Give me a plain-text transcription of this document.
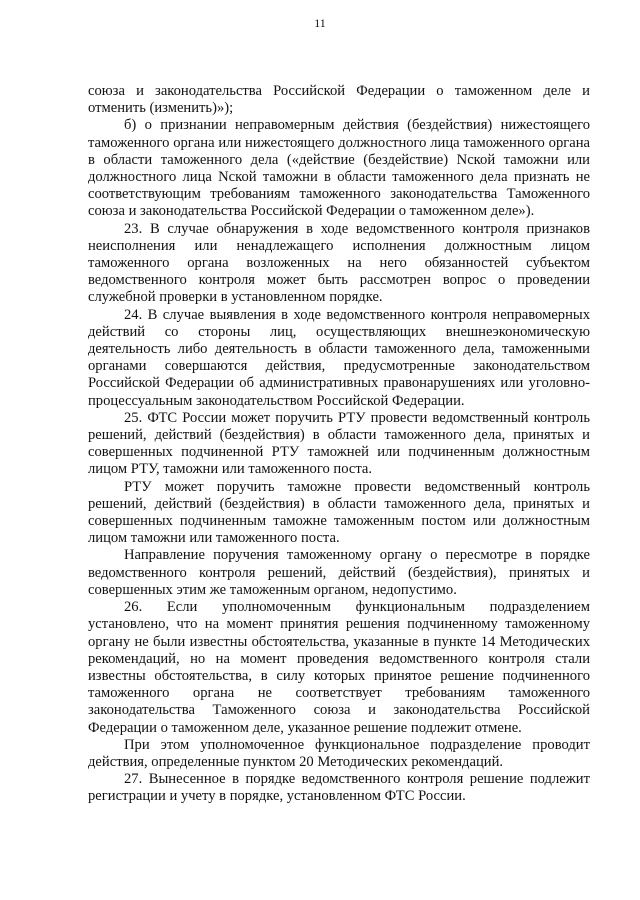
11

союза и законодательства Российской Федерации о таможенном деле и отменить (изменить)»);

б) о признании неправомерным действия (бездействия) нижестоящего таможенного органа или нижестоящего должностного лица таможенного органа в области таможенного дела («действие (бездействие) Nской таможни или должностного лица Nской таможни в области таможенного дела признать не соответствующим требованиям таможенного законодательства Таможенного союза и законодательства Российской Федерации о таможенном деле»).

23. В случае обнаружения в ходе ведомственного контроля признаков неисполнения или ненадлежащего исполнения должностным лицом таможенного органа возложенных на него обязанностей субъектом ведомственного контроля может быть рассмотрен вопрос о проведении служебной проверки в установленном порядке.

24. В случае выявления в ходе ведомственного контроля неправомерных действий со стороны лиц, осуществляющих внешнеэкономическую деятельность либо деятельность в области таможенного дела, таможенными органами совершаются действия, предусмотренные законодательством Российской Федерации об административных правонарушениях или уголовно-процессуальным законодательством Российской Федерации.

25. ФТС России может поручить РТУ провести ведомственный контроль решений, действий (бездействия) в области таможенного дела, принятых и совершенных подчиненной РТУ таможней или подчиненным должностным лицом РТУ, таможни или таможенного поста.

РТУ может поручить таможне провести ведомственный контроль решений, действий (бездействия) в области таможенного дела, принятых и совершенных подчиненным таможне таможенным постом или должностным лицом таможни или таможенного поста.

Направление поручения таможенному органу о пересмотре в порядке ведомственного контроля решений, действий (бездействия), принятых и совершенных этим же таможенным органом, недопустимо.

26. Если уполномоченным функциональным подразделением установлено, что на момент принятия решения подчиненному таможенному органу не были известны обстоятельства, указанные в пункте 14 Методических рекомендаций, но на момент проведения ведомственного контроля стали известны обстоятельства, в силу которых принятое решение подчиненного таможенного органа не соответствует требованиям таможенного законодательства Таможенного союза и законодательства Российской Федерации о таможенном деле, указанное решение подлежит отмене.

При этом уполномоченное функциональное подразделение проводит действия, определенные пунктом 20 Методических рекомендаций.

27. Вынесенное в порядке ведомственного контроля решение подлежит регистрации и учету в порядке, установленном ФТС России.
